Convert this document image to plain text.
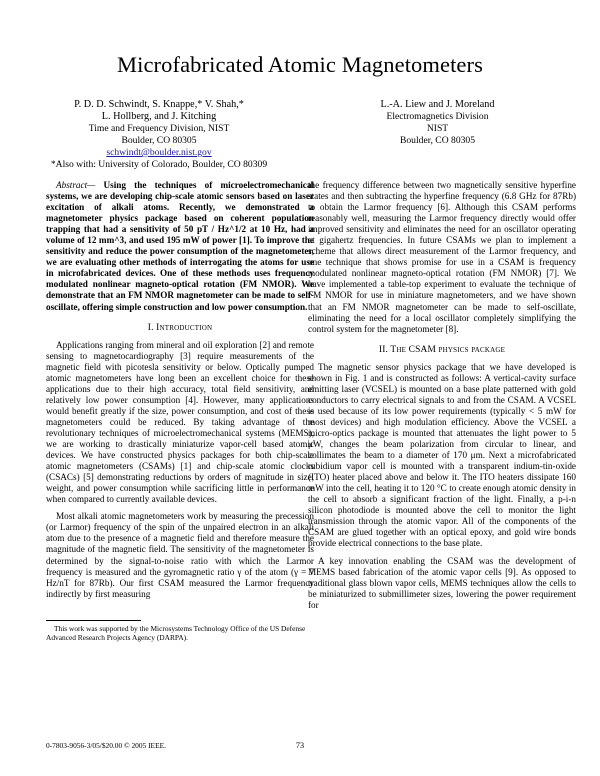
Microfabricated Atomic Magnetometers
P. D. D. Schwindt, S. Knappe,* V. Shah,*
L. Hollberg, and J. Kitching
Time and Frequency Division, NIST
Boulder, CO 80305
schwindt@boulder.nist.gov
*Also with: University of Colorado, Boulder, CO 80309
L.-A. Liew and J. Moreland
Electromagnetics Division
NIST
Boulder, CO 80305

Abstract— Using the techniques of microelectromechanical systems, we are developing chip-scale atomic sensors based on laser excitation of alkali atoms. Recently, we demonstrated a magnetometer physics package based on coherent population trapping that had a sensitivity of 50 pT / Hz^1/2 at 10 Hz, had a volume of 12 mm^3, and used 195 mW of power [1]. To improve the sensitivity and reduce the power consumption of the magnetometer, we are evaluating other methods of interrogating the atoms for use in microfabricated devices. One of these methods uses frequency modulated nonlinear magneto-optical rotation (FM NMOR). We demonstrate that an FM NMOR magnetometer can be made to self-oscillate, offering simple construction and low power consumption.

I. Introduction

Applications ranging from mineral and oil exploration [2] and remote sensing to magnetocardiography [3] require measurements of the magnetic field with picotesla sensitivity or below. Optically pumped atomic magnetometers have long been an excellent choice for these applications due to their high accuracy, total field sensitivity, and relatively low power consumption [4]. However, many applications would benefit greatly if the size, power consumption, and cost of these magnetometers could be reduced. By taking advantage of the revolutionary techniques of microelectromechanical systems (MEMS), we are working to drastically miniaturize vapor-cell based atomic devices. We have constructed physics packages for both chip-scale atomic magnetometers (CSAMs) [1] and chip-scale atomic clocks (CSACs) [5] demonstrating reductions by orders of magnitude in size, weight, and power consumption while sacrificing little in performance when compared to currently available devices.

Most alkali atomic magnetometers work by measuring the precession (or Larmor) frequency of the spin of the unpaired electron in an alkali atom due to the presence of a magnetic field and therefore measure the magnitude of the magnetic field. The sensitivity of the magnetometer is determined by the signal-to-noise ratio with which the Larmor frequency is measured and the gyromagnetic ratio γ of the atom (γ = 7 Hz/nT for 87Rb). Our first CSAM measured the Larmor frequency indirectly by first measuring

the frequency difference between two magnetically sensitive hyperfine states and then subtracting the hyperfine frequency (6.8 GHz for 87Rb) to obtain the Larmor frequency [6]. Although this CSAM performs reasonably well, measuring the Larmor frequency directly would offer improved sensitivity and eliminates the need for an oscillator operating at gigahertz frequencies. In future CSAMs we plan to implement a scheme that allows direct measurement of the Larmor frequency, and one technique that shows promise for use in a CSAM is frequency modulated nonlinear magneto-optical rotation (FM NMOR) [7]. We have implemented a table-top experiment to evaluate the technique of FM NMOR for use in miniature magnetometers, and we have shown that an FM NMOR magnetometer can be made to self-oscillate, eliminating the need for a local oscillator completely simplifying the control system for the magnetometer [8].

II. The CSAM physics package

The magnetic sensor physics package that we have developed is shown in Fig. 1 and is constructed as follows: A vertical-cavity surface emitting laser (VCSEL) is mounted on a base plate patterned with gold conductors to carry electrical signals to and from the CSAM. A VCSEL is used because of its low power requirements (typically < 5 mW for most devices) and high modulation efficiency. Above the VCSEL a micro-optics package is mounted that attenuates the light power to 5 μW, changes the beam polarization from circular to linear, and collimates the beam to a diameter of 170 μm. Next a microfabricated rubidium vapor cell is mounted with a transparent indium-tin-oxide (ITO) heater placed above and below it. The ITO heaters dissipate 160 mW into the cell, heating it to 120 °C to create enough atomic density in the cell to absorb a significant fraction of the light. Finally, a p-i-n silicon photodiode is mounted above the cell to monitor the light transmission through the atomic vapor. All of the components of the CSAM are glued together with an optical epoxy, and gold wire bonds provide electrical connections to the base plate.

A key innovation enabling the CSAM was the development of MEMS based fabrication of the atomic vapor cells [9]. As opposed to traditional glass blown vapor cells, MEMS techniques allow the cells to be miniaturized to submillimeter sizes, lowering the power requirement for

This work was supported by the Microsystems Technology Office of the US Defense Advanced Research Projects Agency (DARPA).
0-7803-9056-3/05/$20.00 © 2005 IEEE.	73
